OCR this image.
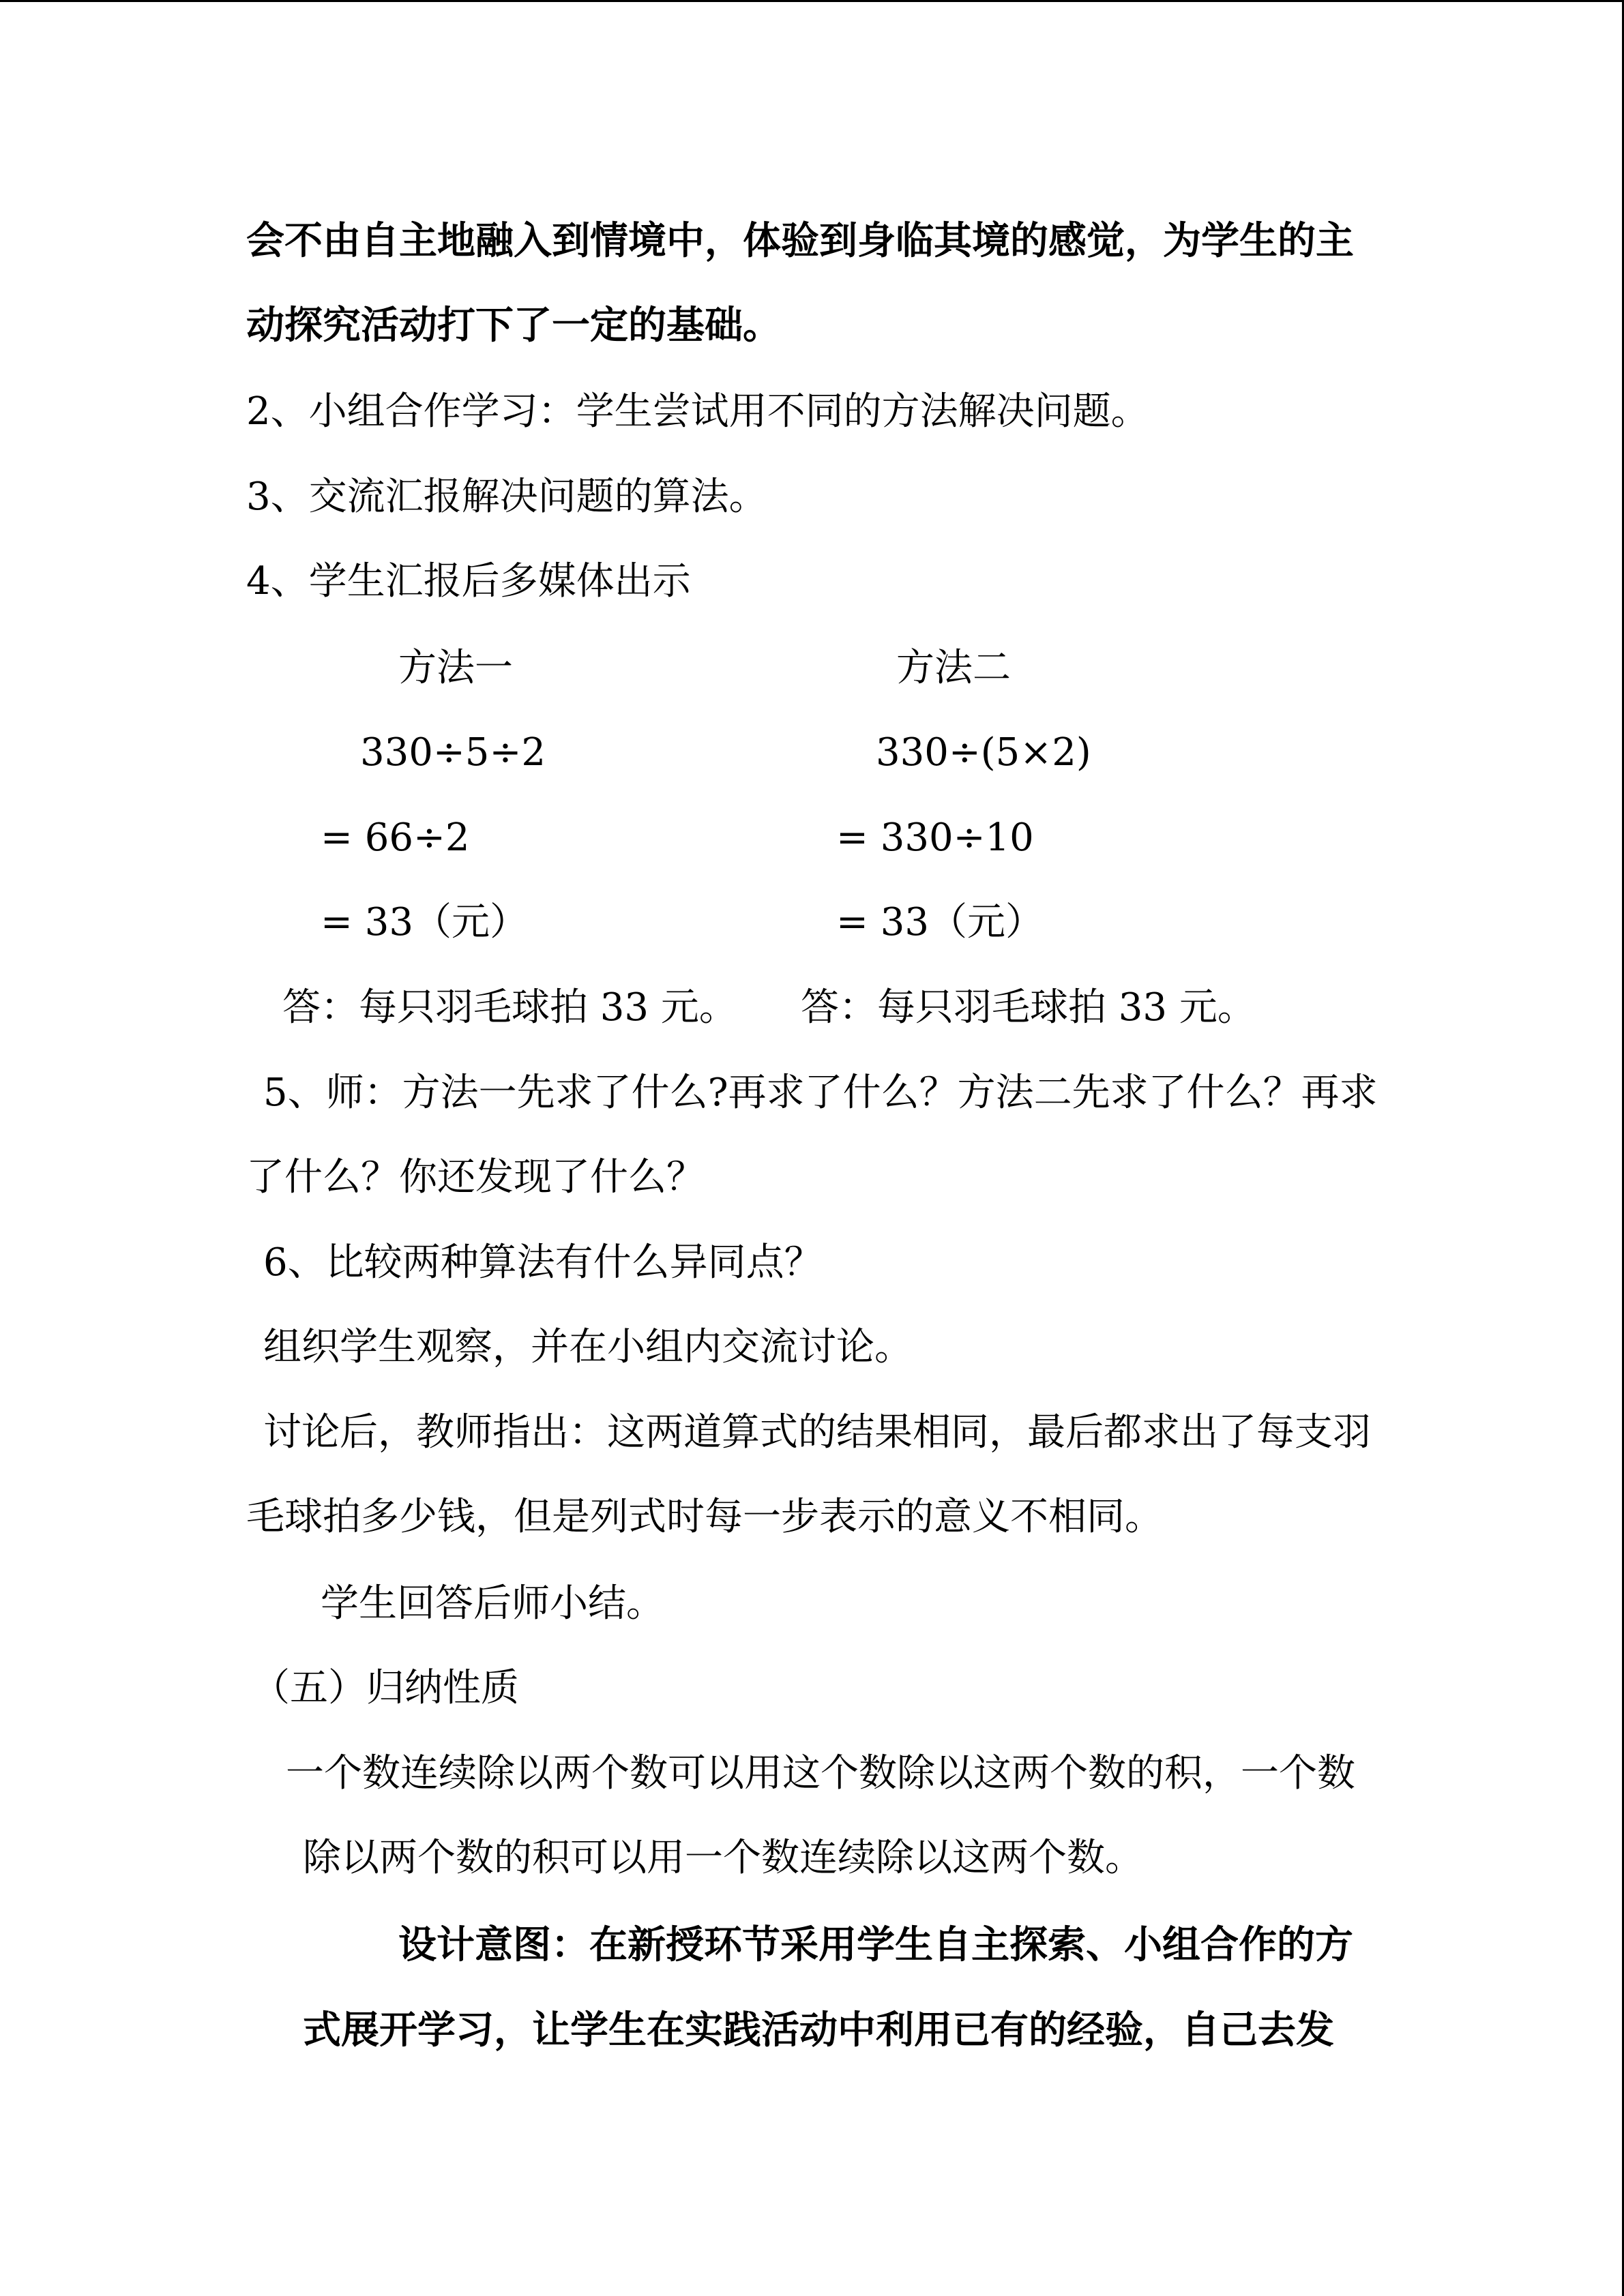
会不由自主地融入到情境中，体验到身临其境的感觉，为学生的主
动探究活动打下了一定的基础。
2、小组合作学习：学生尝试用不同的方法解决问题。
3、交流汇报解决问题的算法。
4、学生汇报后多媒体出示
方法一
330÷5÷2
= 66÷2
= 33（元）
答：每只羽毛球拍 33 元。
方法二
330÷(5×2)
= 330÷10
= 33（元）
答：每只羽毛球拍 33 元。
5、师：方法一先求了什么?再求了什么？方法二先求了什么？再求
了什么？你还发现了什么？
6、比较两种算法有什么异同点？
组织学生观察，并在小组内交流讨论。
讨论后，教师指出：这两道算式的结果相同，最后都求出了每支羽
毛球拍多少钱，但是列式时每一步表示的意义不相同。
学生回答后师小结。
（五）归纳性质
一个数连续除以两个数可以用这个数除以这两个数的积，一个数
除以两个数的积可以用一个数连续除以这两个数。
设计意图：在新授环节采用学生自主探索、小组合作的方
式展开学习，让学生在实践活动中利用已有的经验，自己去发
